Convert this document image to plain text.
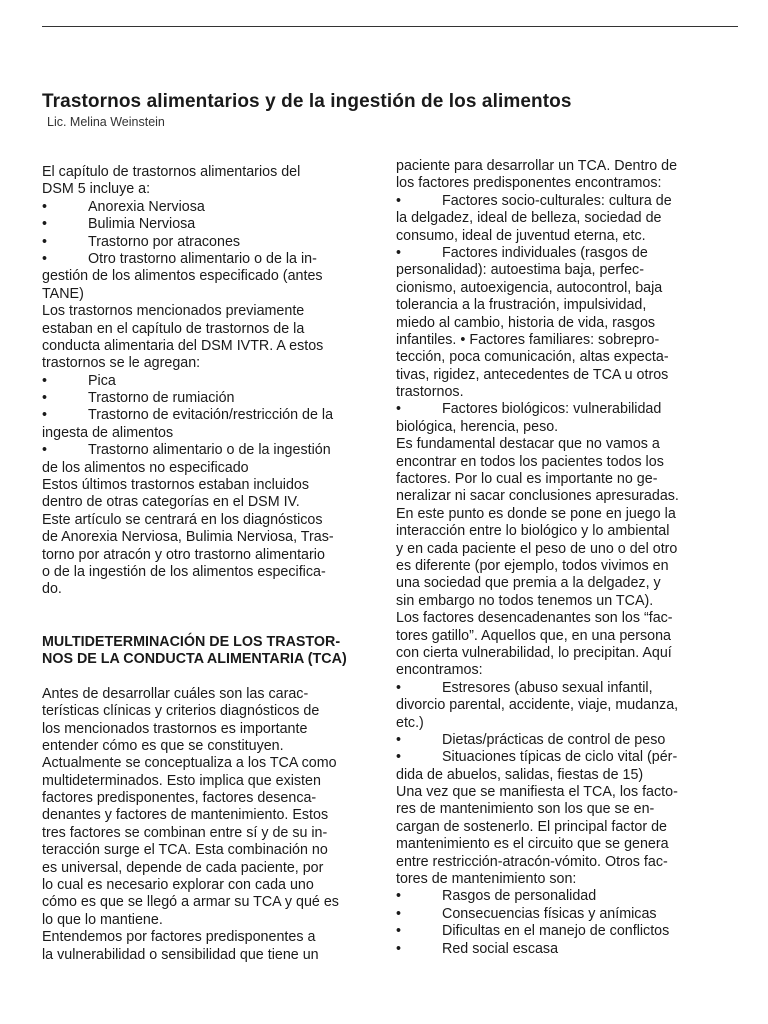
Trastornos alimentarios y de la ingestión de los alimentos
Lic. Melina Weinstein
El capítulo de trastornos alimentarios del
DSM 5 incluye a:
•	Anorexia Nerviosa
•	Bulimia Nerviosa
•	Trastorno por atracones
•	Otro trastorno alimentario o de la in-
gestión de los alimentos especificado (antes
TANE)
Los trastornos mencionados previamente
estaban en el capítulo de trastornos de la
conducta alimentaria del DSM IVTR. A estos
trastornos se le agregan:
•	Pica
•	Trastorno de rumiación
•	Trastorno de evitación/restricción de la
ingesta de alimentos
•	Trastorno alimentario o de la ingestión
de los alimentos no especificado
Estos últimos trastornos estaban incluidos
dentro de otras categorías en el DSM IV.
Este artículo se centrará en los diagnósticos
de Anorexia Nerviosa, Bulimia Nerviosa, Tras-
torno por atracón y otro trastorno alimentario
o de la ingestión de los alimentos especifica-
do.
MULTIDETERMINACIÓN DE LOS TRASTOR-
NOS DE LA CONDUCTA ALIMENTARIA (TCA)
Antes de desarrollar cuáles son las carac-
terísticas clínicas y criterios diagnósticos de
los mencionados trastornos es importante
entender cómo es que se constituyen.
Actualmente se conceptualiza a los TCA como
multideterminados. Esto implica que existen
factores predisponentes, factores desenca-
denantes y factores de mantenimiento. Estos
tres factores se combinan entre sí y de su in-
teracción surge el TCA. Esta combinación no
es universal, depende de cada paciente, por
lo cual es necesario explorar con cada uno
cómo es que se llegó a armar su TCA y qué es
lo que lo mantiene.
Entendemos por factores predisponentes a
la vulnerabilidad o sensibilidad que tiene un
paciente para desarrollar un TCA. Dentro de
los factores predisponentes encontramos:
•	Factores socio-culturales: cultura de
la delgadez, ideal de belleza, sociedad de
consumo, ideal de juventud eterna, etc.
•	Factores individuales (rasgos de
personalidad): autoestima baja, perfec-
cionismo, autoexigencia, autocontrol, baja
tolerancia a la frustración, impulsividad,
miedo al cambio, historia de vida, rasgos
infantiles. • Factores familiares: sobrepro-
tección, poca comunicación, altas expecta-
tivas, rigidez, antecedentes de TCA u otros
trastornos.
•	Factores biológicos: vulnerabilidad
biológica, herencia, peso.
Es fundamental destacar que no vamos a
encontrar en todos los pacientes todos los
factores. Por lo cual es importante no ge-
neralizar ni sacar conclusiones apresuradas.
En este punto es donde se pone en juego la
interacción entre lo biológico y lo ambiental
y en cada paciente el peso de uno o del otro
es diferente (por ejemplo, todos vivimos en
una sociedad que premia a la delgadez, y
sin embargo no todos tenemos un TCA).
Los factores desencadenantes son los “fac-
tores gatillo”. Aquellos que, en una persona
con cierta vulnerabilidad, lo precipitan. Aquí
encontramos:
•	Estresores (abuso sexual infantil,
divorcio parental, accidente, viaje, mudanza,
etc.)
•	Dietas/prácticas de control de peso
•	Situaciones típicas de ciclo vital (pér-
dida de abuelos, salidas, fiestas de 15)
Una vez que se manifiesta el TCA, los facto-
res de mantenimiento son los que se en-
cargan de sostenerlo. El principal factor de
mantenimiento es el circuito que se genera
entre restricción-atracón-vómito. Otros fac-
tores de mantenimiento son:
•	Rasgos de personalidad
•	Consecuencias físicas y anímicas
•	Dificultas en el manejo de conflictos
•	Red social escasa
